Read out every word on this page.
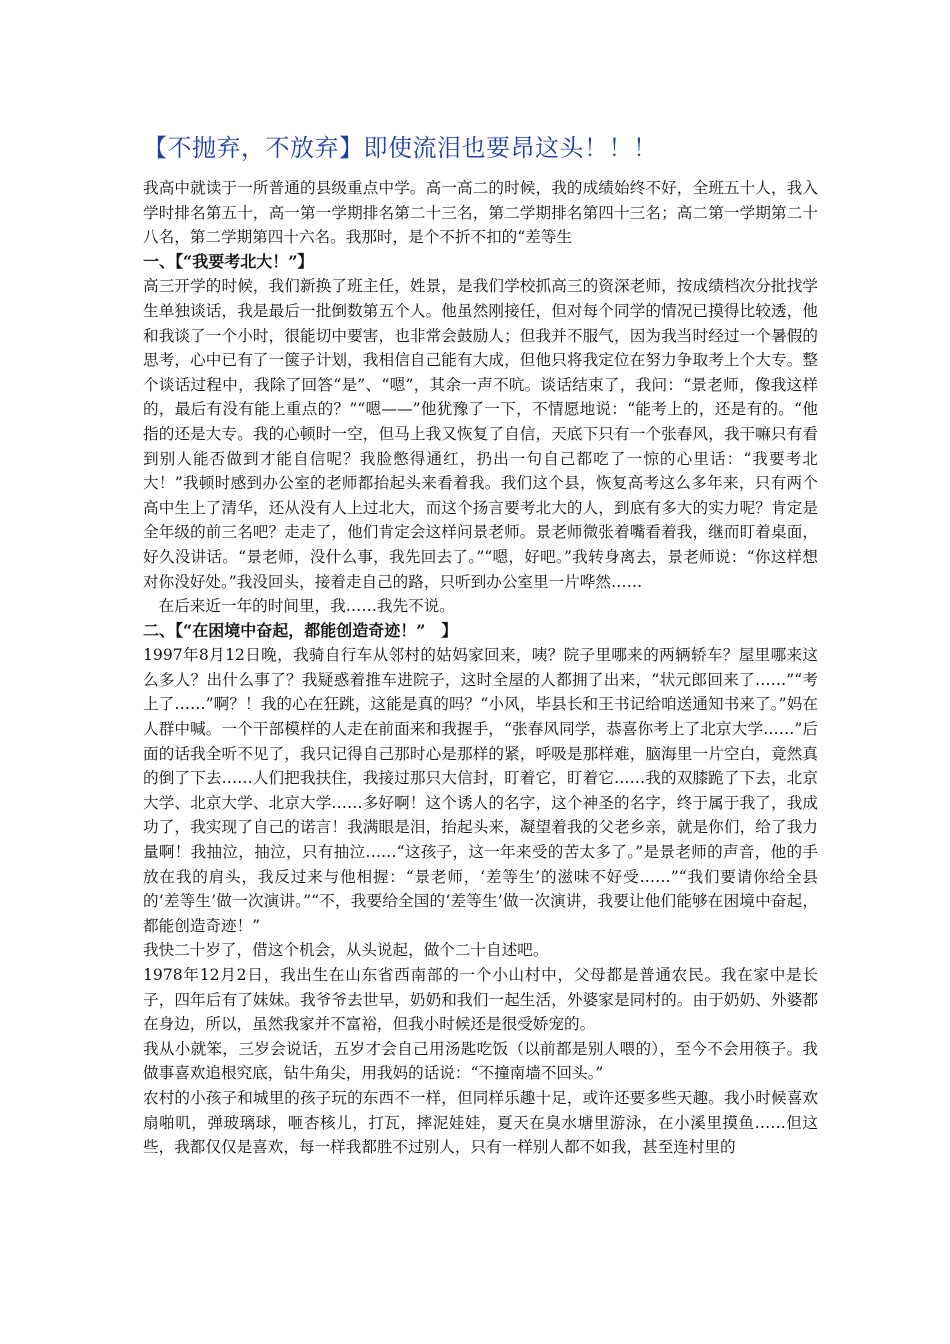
【不抛弃，不放弃】即使流泪也要昂这头！！！

我高中就读于一所普通的县级重点中学。高一高二的时候，我的成绩始终不好，全班五十人，我入学时排名第五十，高一第一学期排名第二十三名，第二学期排名第四十三名；高二第一学期第二十八名，第二学期第四十六名。我那时，是个不折不扣的“差等生

一、【“我要考北大！”】

高三开学的时候，我们新换了班主任，姓景，是我们学校抓高三的资深老师，按成绩档次分批找学生单独谈话，我是最后一批倒数第五个人。他虽然刚接任，但对每个同学的情况已摸得比较透，他和我谈了一个小时，很能切中要害，也非常会鼓励人；但我并不服气，因为我当时经过一个暑假的思考，心中已有了一箧子计划，我相信自己能有大成，但他只将我定位在努力争取考上个大专。整个谈话过程中，我除了回答“是”、“嗯”，其余一声不吭。谈话结束了，我问：“景老师，像我这样的，最后有没有能上重点的？”“嗯——”他犹豫了一下，不情愿地说：“能考上的，还是有的。“他指的还是大专。我的心顿时一空，但马上我又恢复了自信，天底下只有一个张春风，我干嘛只有看到别人能否做到才能自信呢？我脸憋得通红，扔出一句自己都吃了一惊的心里话：“我要考北大！”我顿时感到办公室的老师都抬起头来看着我。我们这个县，恢复高考这么多年来，只有两个高中生上了清华，还从没有人上过北大，而这个扬言要考北大的人，到底有多大的实力呢？肯定是全年级的前三名吧？走走了，他们肯定会这样问景老师。景老师微张着嘴看着我，继而盯着桌面，好久没讲话。“景老师，没什么事，我先回去了。”“嗯，好吧。”我转身离去，景老师说：“你这样想对你没好处。”我没回头，接着走自己的路，只听到办公室里一片哗然……

在后来近一年的时间里，我……我先不说。

二、【“在困境中奋起，都能创造奇迹！”　】

1997年8月12日晚，我骑自行车从邻村的姑妈家回来，咦？院子里哪来的两辆轿车？屋里哪来这么多人？出什么事了？我疑惑着推车进院子，这时全屋的人都拥了出来，“状元郎回来了……”“考上了……”啊？！我的心在狂跳，这能是真的吗？“小风，毕县长和王书记给咱送通知书来了。”妈在人群中喊。一个干部模样的人走在前面来和我握手，“张春风同学，恭喜你考上了北京大学……”后面的话我全听不见了，我只记得自己那时心是那样的紧，呼吸是那样难，脑海里一片空白，竟然真的倒了下去……人们把我扶住，我接过那只大信封，盯着它，盯着它……我的双膝跪了下去，北京大学、北京大学、北京大学……多好啊！这个诱人的名字，这个神圣的名字，终于属于我了，我成功了，我实现了自己的诺言！我满眼是泪，抬起头来，凝望着我的父老乡亲，就是你们，给了我力量啊！我抽泣，抽泣，只有抽泣……“这孩子，这一年来受的苦太多了。”是景老师的声音，他的手放在我的肩头，我反过来与他相握：“景老师，‘差等生’的滋味不好受……”“我们要请你给全县的‘差等生’做一次演讲。”“不，我要给全国的‘差等生’做一次演讲，我要让他们能够在困境中奋起，都能创造奇迹！”

我快二十岁了，借这个机会，从头说起，做个二十自述吧。

1978年12月2日，我出生在山东省西南部的一个小山村中，父母都是普通农民。我在家中是长子，四年后有了妹妹。我爷爷去世早，奶奶和我们一起生活，外婆家是同村的。由于奶奶、外婆都在身边，所以，虽然我家并不富裕，但我小时候还是很受娇宠的。

我从小就笨，三岁会说话，五岁才会自己用汤匙吃饭（以前都是别人喂的），至今不会用筷子。我做事喜欢追根究底，钻牛角尖，用我妈的话说：“不撞南墙不回头。”

农村的小孩子和城里的孩子玩的东西不一样，但同样乐趣十足，或许还要多些天趣。我小时候喜欢扇啪叽，弹玻璃球，咂杏核儿，打瓦，摔泥娃娃，夏天在臭水塘里游泳，在小溪里摸鱼……但这些，我都仅仅是喜欢，每一样我都胜不过别人，只有一样别人都不如我，甚至连村里的
